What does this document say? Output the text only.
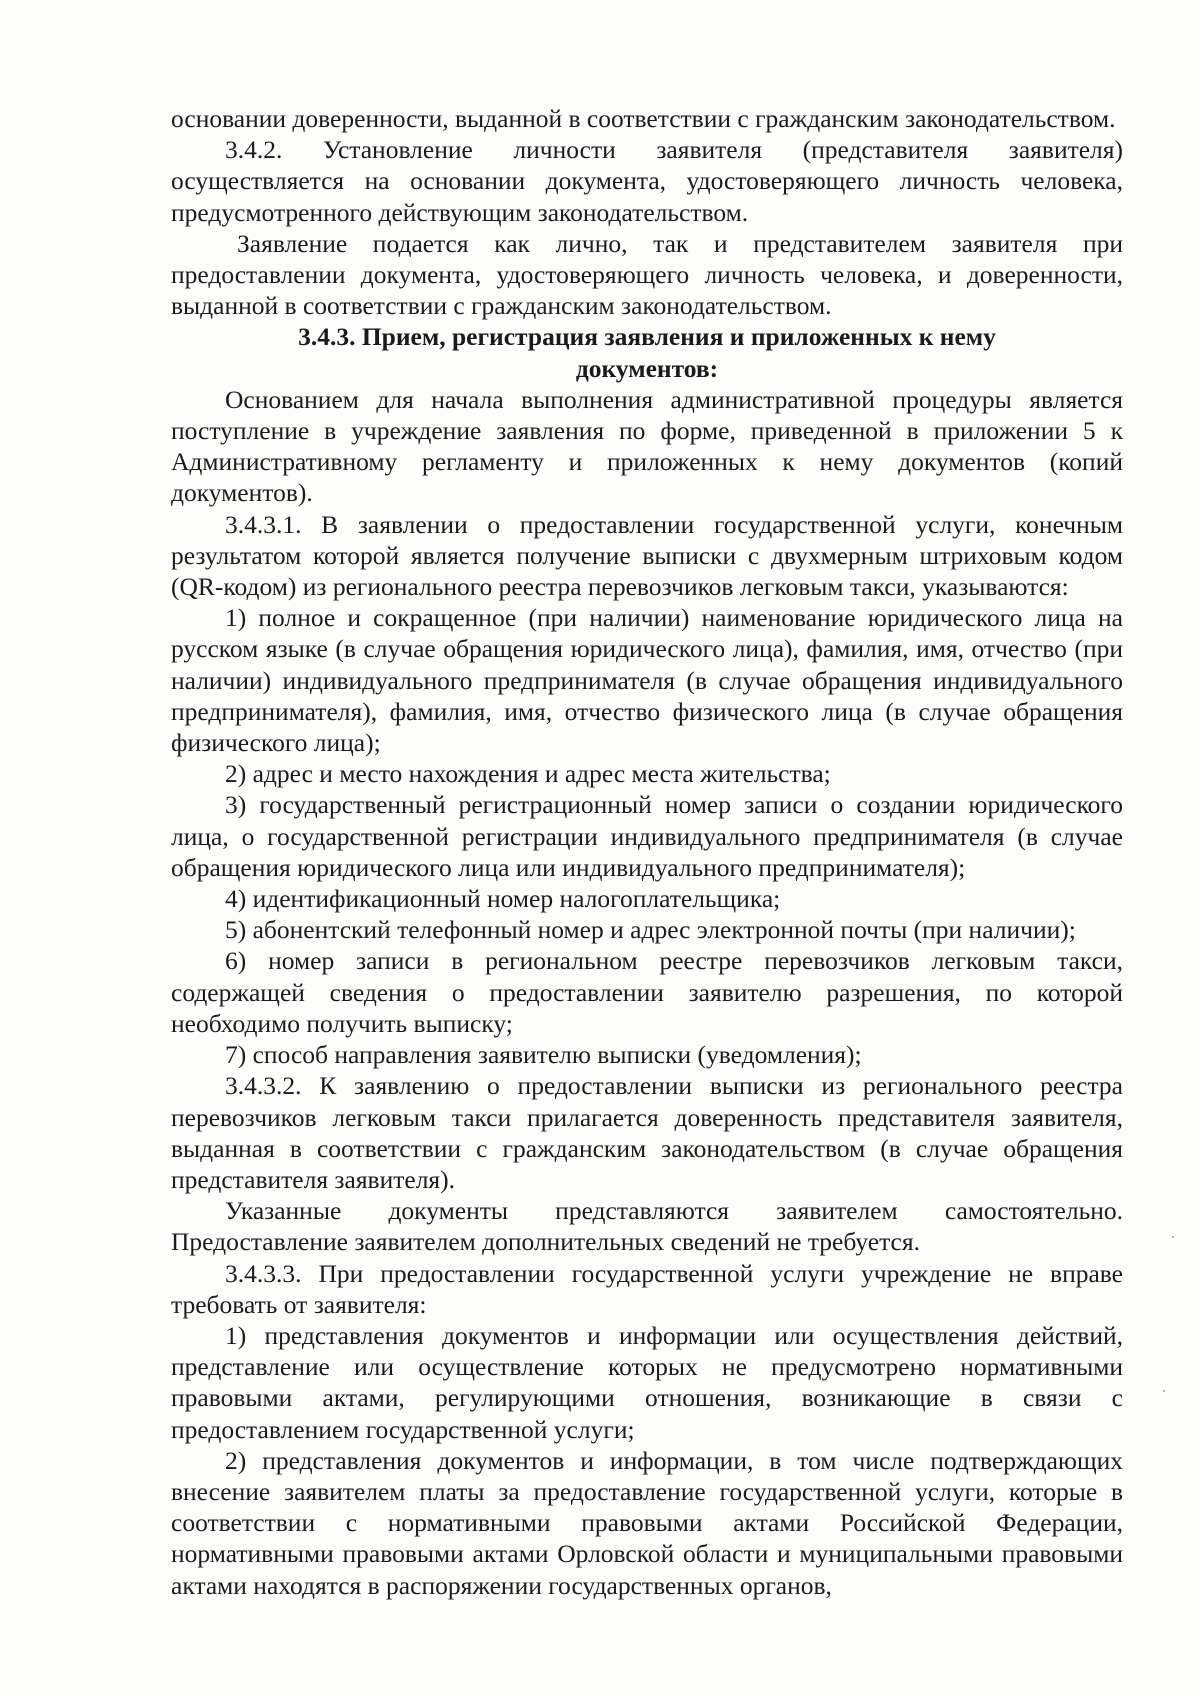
основании доверенности, выданной в соответствии с гражданским законодательством.

3.4.2. Установление личности заявителя (представителя заявителя) осуществляется на основании документа, удостоверяющего личность человека, предусмотренного действующим законодательством.

Заявление подается как лично, так и представителем заявителя при предоставлении документа, удостоверяющего личность человека, и доверенности, выданной в соответствии с гражданским законодательством.

3.4.3. Прием, регистрация заявления и приложенных к нему документов:

Основанием для начала выполнения административной процедуры является поступление в учреждение заявления по форме, приведенной в приложении 5 к Административному регламенту и приложенных к нему документов (копий документов).

3.4.3.1. В заявлении о предоставлении государственной услуги, конечным результатом которой является получение выписки с двухмерным штриховым кодом (QR-кодом) из регионального реестра перевозчиков легковым такси, указываются:

1) полное и сокращенное (при наличии) наименование юридического лица на русском языке (в случае обращения юридического лица), фамилия, имя, отчество (при наличии) индивидуального предпринимателя (в случае обращения индивидуального предпринимателя), фамилия, имя, отчество физического лица (в случае обращения физического лица);

2) адрес и место нахождения и адрес места жительства;

3) государственный регистрационный номер записи о создании юридического лица, о государственной регистрации индивидуального предпринимателя (в случае обращения юридического лица или индивидуального предпринимателя);

4) идентификационный номер налогоплательщика;

5) абонентский телефонный номер и адрес электронной почты (при наличии);

6) номер записи в региональном реестре перевозчиков легковым такси, содержащей сведения о предоставлении заявителю разрешения, по которой необходимо получить выписку;

7) способ направления заявителю выписки (уведомления);

3.4.3.2. К заявлению о предоставлении выписки из регионального реестра перевозчиков легковым такси прилагается доверенность представителя заявителя, выданная в соответствии с гражданским законодательством (в случае обращения представителя заявителя).

Указанные документы представляются заявителем самостоятельно. Предоставление заявителем дополнительных сведений не требуется.

3.4.3.3. При предоставлении государственной услуги учреждение не вправе требовать от заявителя:

1) представления документов и информации или осуществления действий, представление или осуществление которых не предусмотрено нормативными правовыми актами, регулирующими отношения, возникающие в связи с предоставлением государственной услуги;

2) представления документов и информации, в том числе подтверждающих внесение заявителем платы за предоставление государственной услуги, которые в соответствии с нормативными правовыми актами Российской Федерации, нормативными правовыми актами Орловской области и муниципальными правовыми актами находятся в распоряжении государственных органов,
